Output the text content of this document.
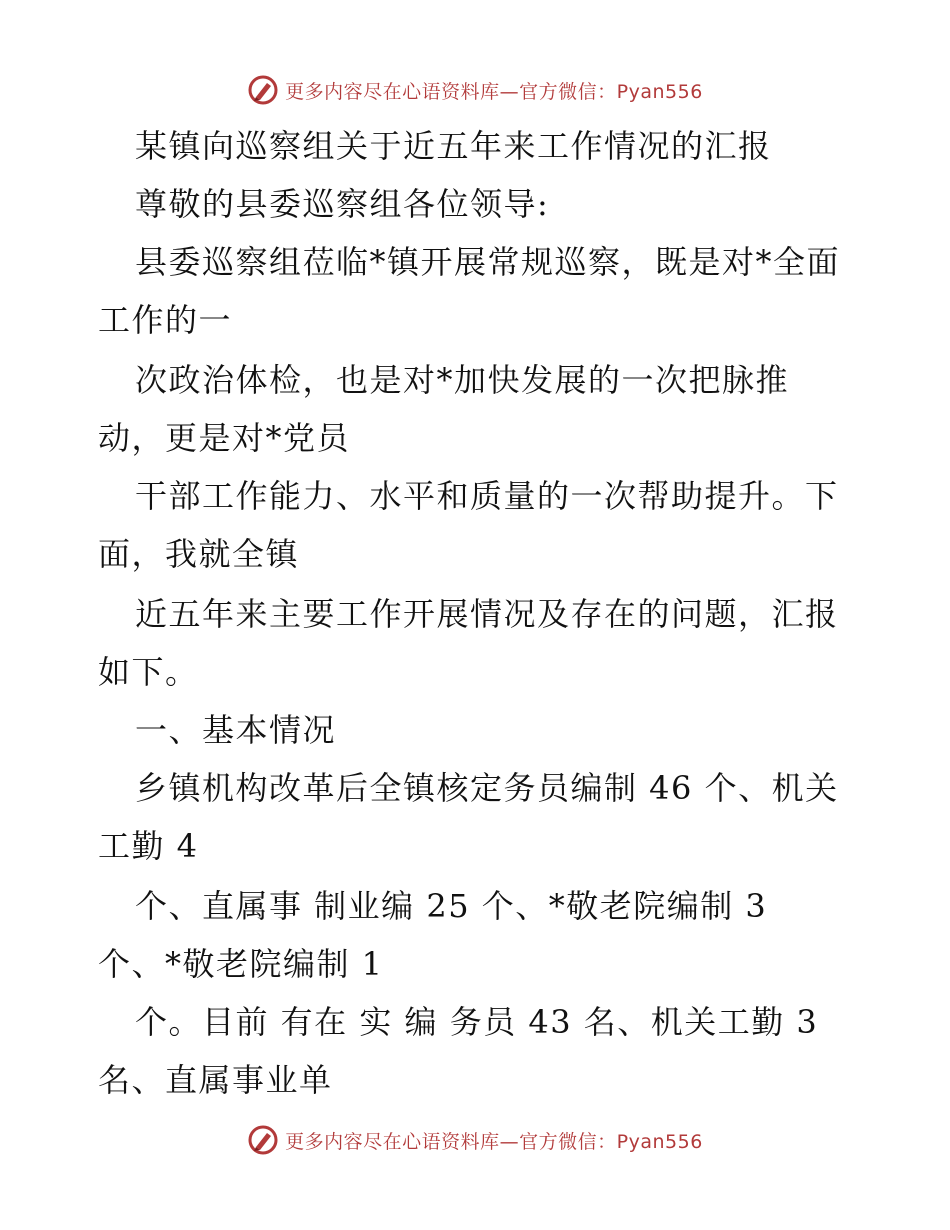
更多内容尽在心语资料库—官方微信：Pyan556
某镇向巡察组关于近五年来工作情况的汇报
尊敬的县委巡察组各位领导:
县委巡察组莅临*镇开展常规巡察，既是对*全面
工作的一
次政治体检，也是对*加快发展的一次把脉推
动，更是对*党员
干部工作能力、水平和质量的一次帮助提升。下
面，我就全镇
近五年来主要工作开展情况及存在的问题，汇报
如下。
一、基本情况
乡镇机构改革后全镇核定务员编制 46 个、机关
工勤 4
个、直属事 制业编 25 个、*敬老院编制 3
个、*敬老院编制 1
个。目前 有在 实 编 务员 43 名、机关工勤 3
名、直属事业单
更多内容尽在心语资料库—官方微信：Pyan556
